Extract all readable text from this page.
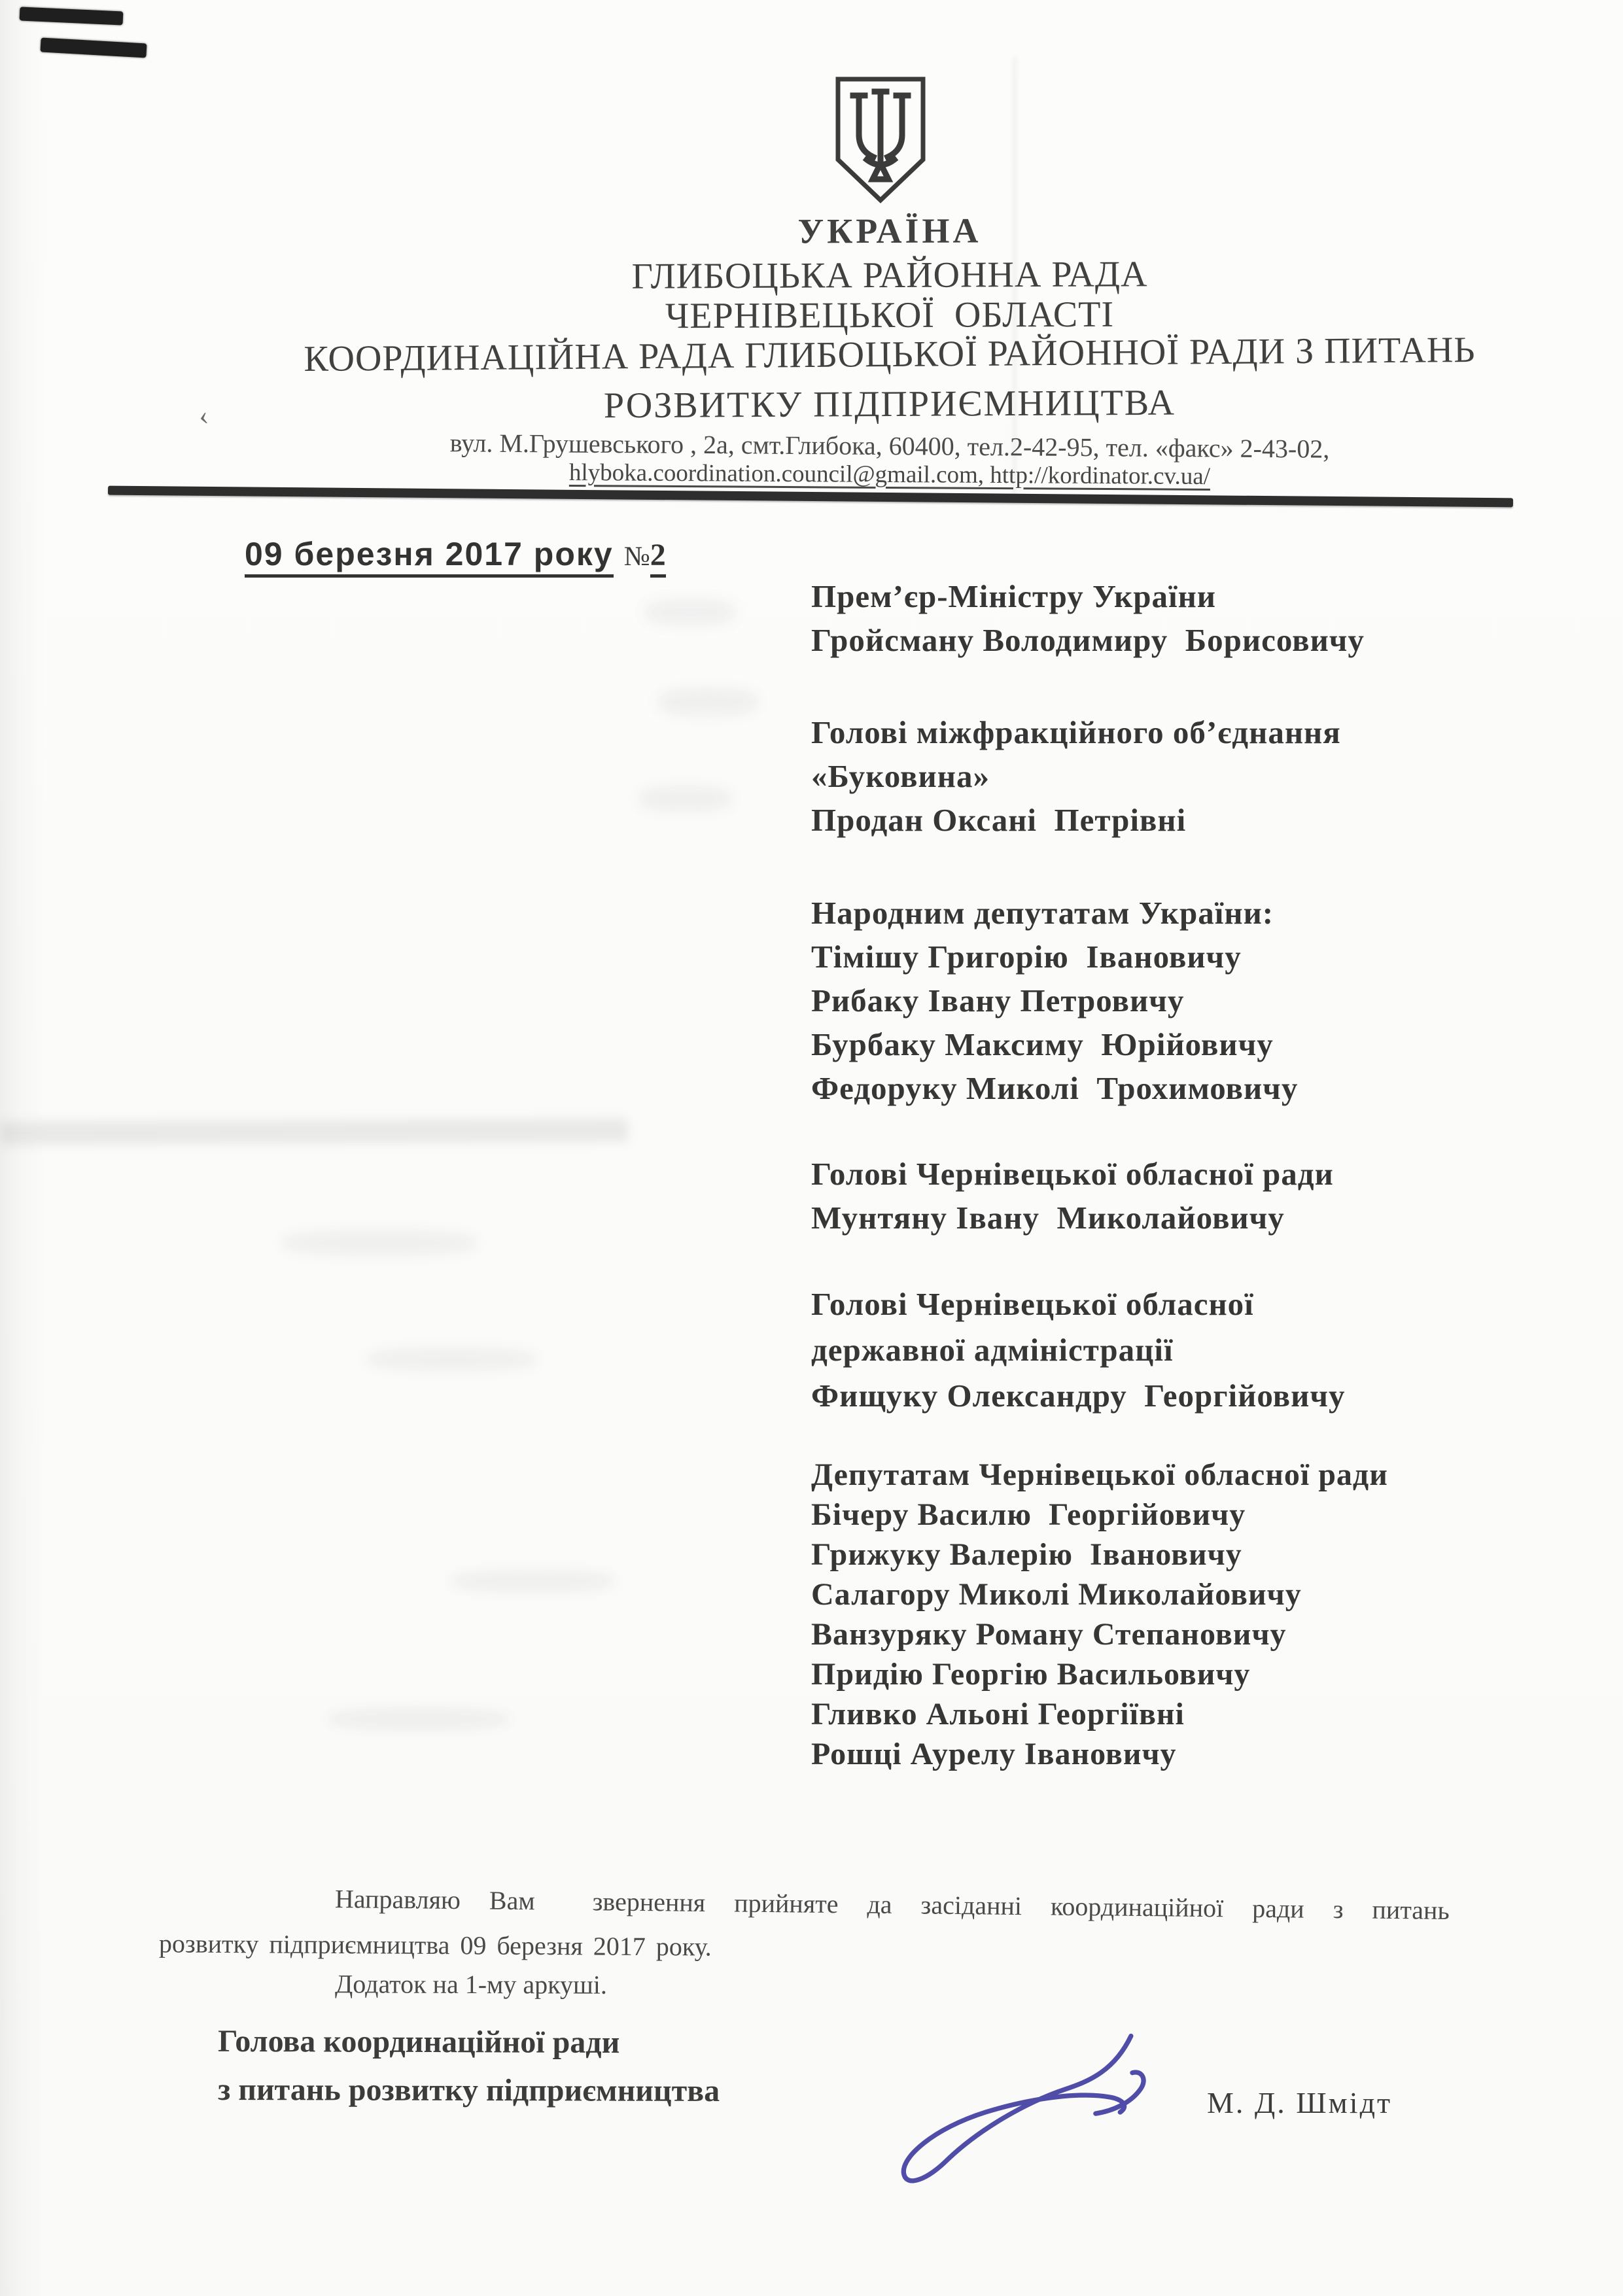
‹
УКРАЇНА
ГЛИБОЦЬКА РАЙОННА РАДА
ЧЕРНІВЕЦЬКОЇ  ОБЛАСТІ
КООРДИНАЦІЙНА РАДА ГЛИБОЦЬКОЇ РАЙОННОЇ РАДИ З ПИТАНЬ
РОЗВИТКУ ПІДПРИЄМНИЦТВА
вул. М.Грушевського , 2а, смт.Глибока, 60400, тел.2-42-95, тел. «факс» 2-43-02,
hlyboka.coordination.council@gmail.com, http://kordinator.cv.ua/

09 березня 2017 року №2

Прем’єр-Міністру України
Гройсману Володимиру  Борисовичу
Голові міжфракційного об’єднання
«Буковина»
Продан Оксані  Петрівні
Народним депутатам України:
Тімішу Григорію  Івановичу
Рибаку Івану Петровичу
Бурбаку Максиму  Юрійовичу
Федоруку Миколі  Трохимовичу
Голові Чернівецької обласної ради
Мунтяну Івану  Миколайовичу
Голові Чернівецької обласної
державної адміністрації
Фищуку Олександру  Георгійовичу
Депутатам Чернівецької обласної ради
Бічеру Василю  Георгійовичу
Грижуку Валерію  Івановичу
Салагору Миколі Миколайовичу
Ванзуряку Роману Степановичу
Придію Георгію Васильовичу
Гливко Альоні Георгіївні
Рошці Аурелу Івановичу
Направляю Вам  звернення прийняте да засіданні координаційної ради з питань
розвитку підприємництва 09 березня 2017 року.
Додаток на 1-му аркуші.
Голова координаційної ради
з питань розвитку підприємництва	М. Д. Шмідт
